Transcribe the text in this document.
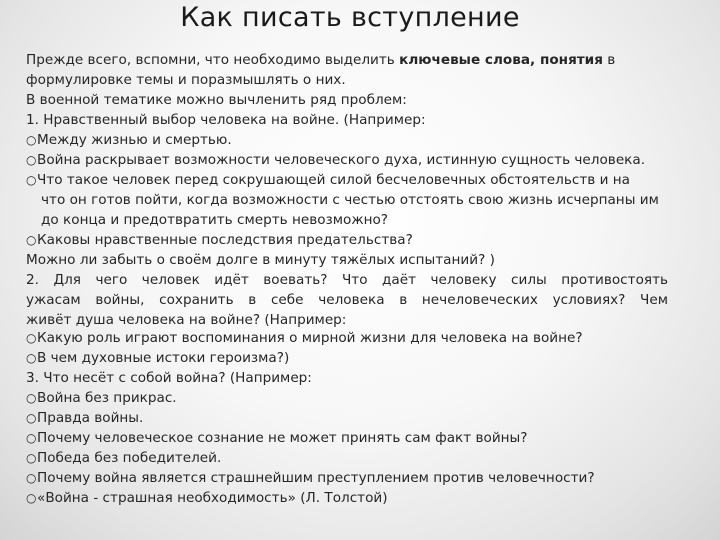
Как писать вступление
Прежде всего, вспомни, что необходимо выделить ключевые слова, понятия в
формулировке темы и поразмышлять о них.
В военной тематике можно вычленить ряд проблем:
1. Нравственный выбор человека на войне. (Например:
○ Между жизнью и смертью.
○ Война раскрывает возможности человеческого духа, истинную сущность человека.
○ Что такое человек перед сокрушающей силой бесчеловечных обстоятельств и на
что он готов пойти, когда возможности с честью отстоять свою жизнь исчерпаны им
до конца и предотвратить смерть невозможно?
○ Каковы нравственные последствия предательства?
Можно ли забыть о своём долге в минуту тяжёлых испытаний? )
2. Для чего человек идёт воевать? Что даёт человеку силы противостоять
ужасам войны, сохранить в себе человека в нечеловеческих условиях? Чем
живёт душа человека на войне? (Например:
○ Какую роль играют воспоминания о мирной жизни для человека на войне?
○ В чем духовные истоки героизма?)
3. Что несёт с собой война? (Например:
○ Война без прикрас.
○ Правда войны.
○ Почему человеческое сознание не может принять сам факт войны?
○ Победа без победителей.
○ Почему война является страшнейшим преступлением против человечности?
○ «Война - страшная необходимость» (Л. Толстой)
